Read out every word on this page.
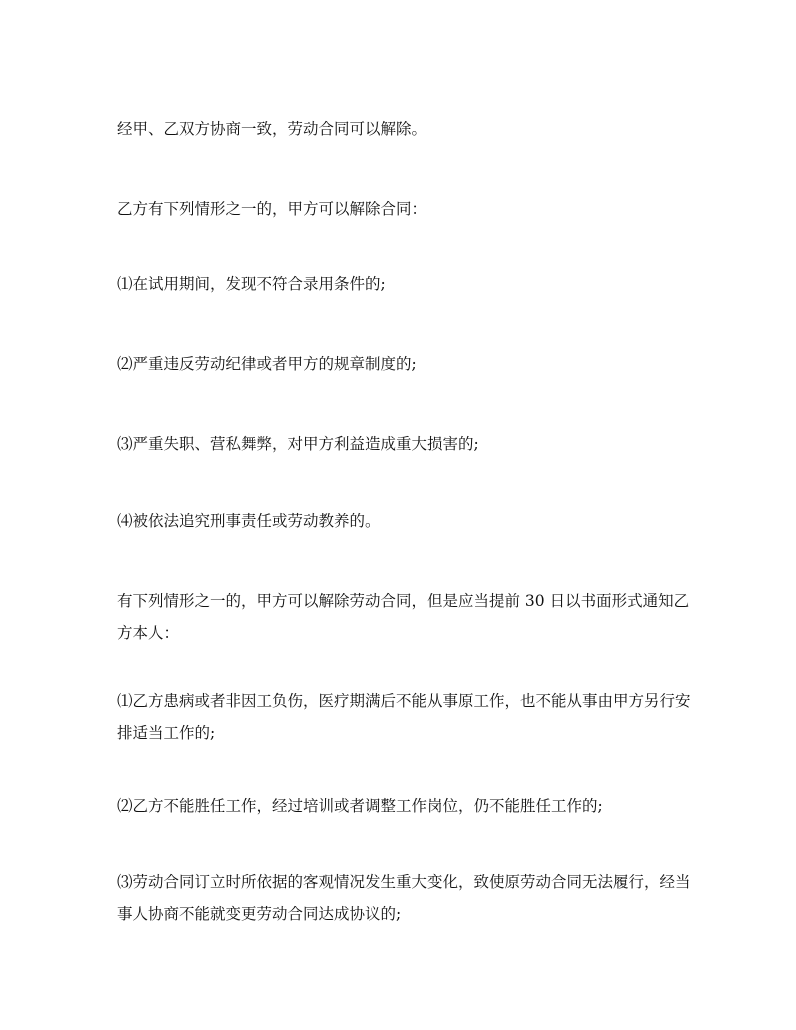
经甲、乙双方协商一致，劳动合同可以解除。

乙方有下列情形之一的，甲方可以解除合同：

⑴在试用期间，发现不符合录用条件的;

⑵严重违反劳动纪律或者甲方的规章制度的;

⑶严重失职、营私舞弊，对甲方利益造成重大损害的;

⑷被依法追究刑事责任或劳动教养的。

有下列情形之一的，甲方可以解除劳动合同，但是应当提前 30 日以书面形式通知乙方本人：

⑴乙方患病或者非因工负伤，医疗期满后不能从事原工作，也不能从事由甲方另行安排适当工作的;

⑵乙方不能胜任工作，经过培训或者调整工作岗位，仍不能胜任工作的;

⑶劳动合同订立时所依据的客观情况发生重大变化，致使原劳动合同无法履行，经当事人协商不能就变更劳动合同达成协议的;
